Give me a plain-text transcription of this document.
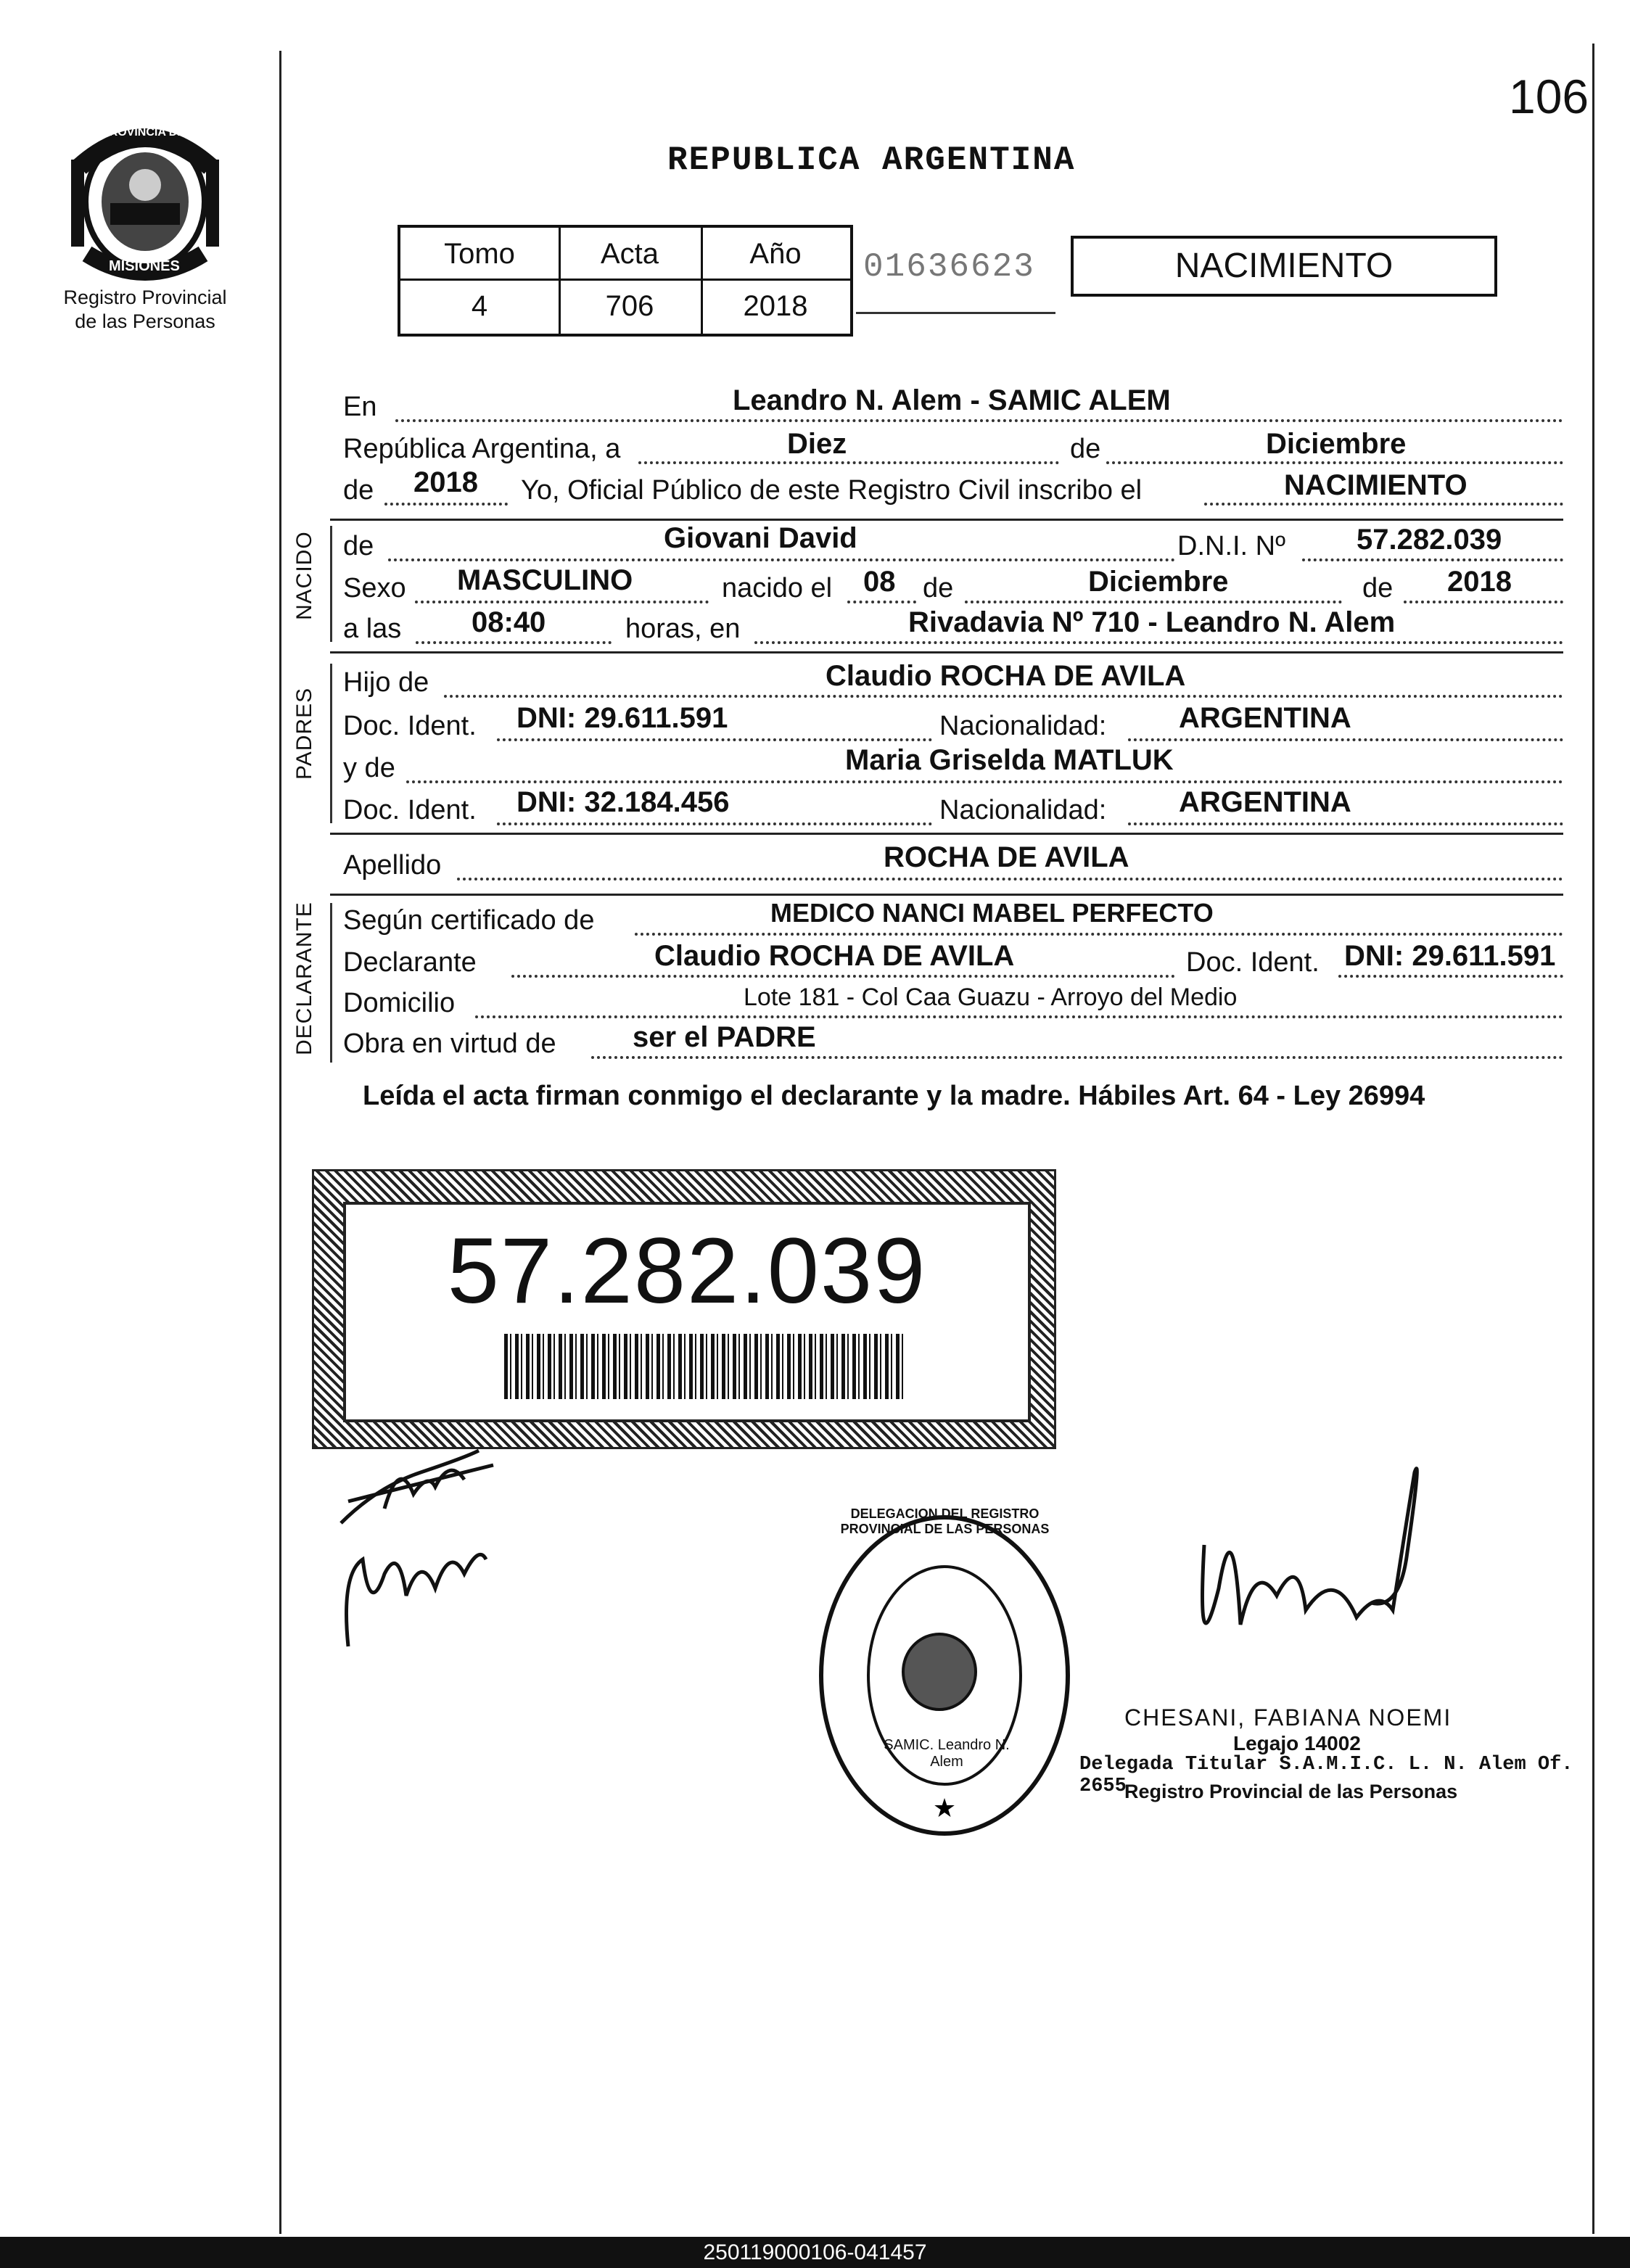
106
PROVINCIA DE
MISIONES
Registro Provincial
de las Personas
REPUBLICA ARGENTINA
Tomo	Acta	Año
4	706	2018
01636623	NACIMIENTO
En	Leandro N. Alem - SAMIC ALEM
República Argentina, a	Diez	de	Diciembre
de 2018 Yo, Oficial Público de este Registro Civil inscribo el	NACIMIENTO
NACIDO de	Giovani David	D.N.I. Nº 57.282.039
Sexo MASCULINO	nacido el 08 de	Diciembre	de 2018
a las 08:40	horas, en	Rivadavia Nº 710 - Leandro N. Alem
PADRES
Hijo de	Claudio ROCHA DE AVILA
Doc. Ident. DNI: 29.611.591	Nacionalidad: ARGENTINA
y de	Maria Griselda MATLUK
Doc. Ident. DNI: 32.184.456	Nacionalidad: ARGENTINA
Apellido	ROCHA DE AVILA
DECLARANTE Según certificado de	MEDICO NANCI MABEL PERFECTO
Declarante	Claudio ROCHA DE AVILA	Doc. Ident. DNI: 29.611.591
Domicilio	Lote 181 - Col Caa Guazu - Arroyo del Medio
Obra en virtud de	ser el PADRE
Leída el acta firman conmigo el declarante y la madre. Hábiles Art. 64 - Ley 26994
57.282.039
★
DELEGACION DEL REGISTRO PROVINCIAL DE LAS PERSONAS
SAMIC. Leandro N. Alem
CHESANI, FABIANA NOEMI
Legajo 14002
Delegada Titular S.A.M.I.C. L. N. Alem Of. 2655
Registro Provincial de las Personas
250119000106-041457
